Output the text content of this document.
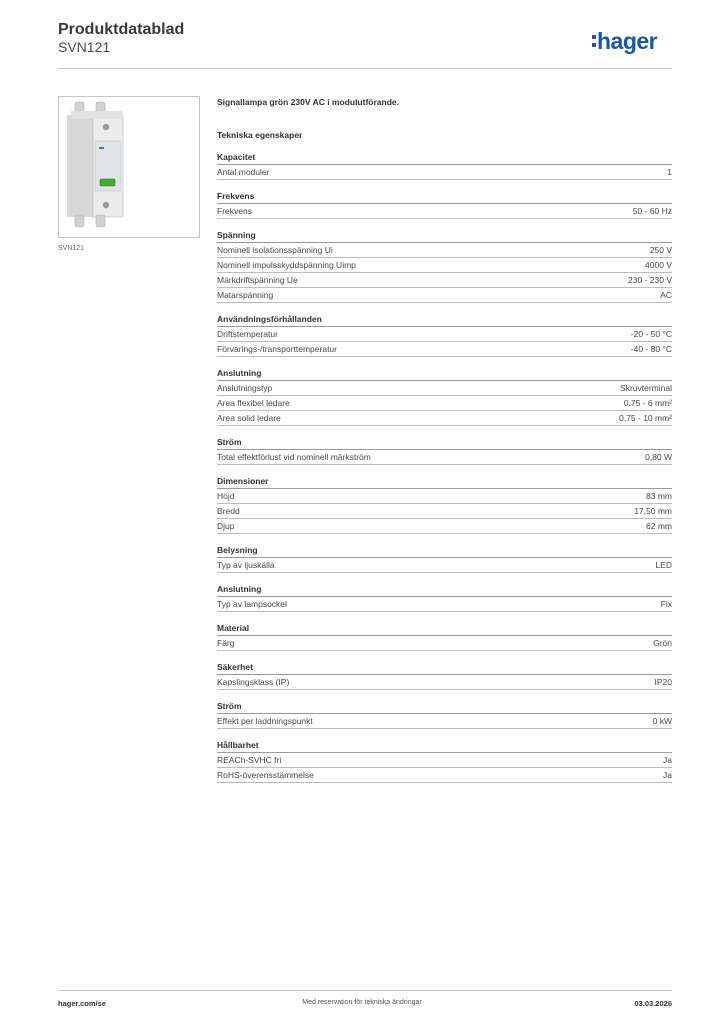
Produktdatablad
SVN121	hager
SVN121
Signallampa grön 230V AC i modulutförande.
Tekniska egenskaper
Kapacitet
Antal moduler	1
Frekvens
Frekvens	50 - 60 Hz
Spänning
Nominell isolationsspänning Ui	250 V
Nominell impulsskyddspänning Uimp	4000 V
Märkdriftspänning Ue	230 - 230 V
Matarspänning	AC
Användningsförhållanden
Driftstemperatur	-20 - 50 °C
Förvarings-/transporttemperatur	-40 - 80 °C
Anslutning
Anslutningstyp	Skruvterminal
Area flexibel ledare	0.75 - 6 mm²
Area solid ledare	0.75 - 10 mm²
Ström
Total effektförlust vid nominell märkström	0,80 W
Dimensioner
Höjd	83 mm
Bredd	17,50 mm
Djup	62 mm
Belysning
Typ av ljuskälla	LED
Anslutning
Typ av lampsockel	Fix
Material
Färg	Grön
Säkerhet
Kapslingsklass (IP)	IP20
Ström
Effekt per laddningspunkt	0 kW
Hållbarhet
REACh-SVHC fri	Ja
RoHS-överensstämmelse	Ja
hager.com/se	Med reservation för tekniska ändringar	03.03.2026
